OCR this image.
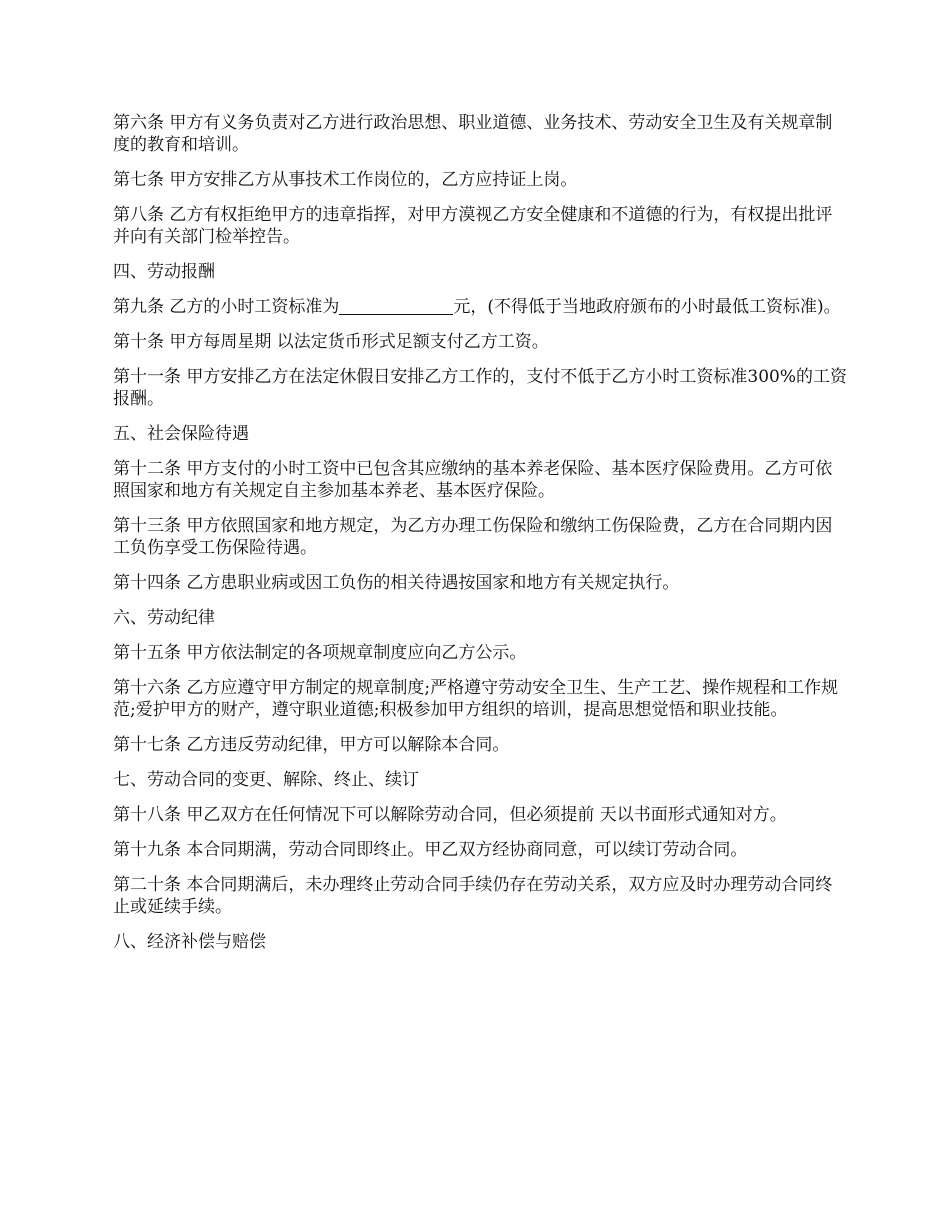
第六条 甲方有义务负责对乙方进行政治思想、职业道德、业务技术、劳动安全卫生及有关规章制度的教育和培训。

第七条 甲方安排乙方从事技术工作岗位的，乙方应持证上岗。

第八条 乙方有权拒绝甲方的违章指挥，对甲方漠视乙方安全健康和不道德的行为，有权提出批评并向有关部门检举控告。

四、劳动报酬

第九条 乙方的小时工资标准为	元，(不得低于当地政府颁布的小时最低工资标准)。

第十条 甲方每周星期 以法定货币形式足额支付乙方工资。

第十一条 甲方安排乙方在法定休假日安排乙方工作的，支付不低于乙方小时工资标准300%的工资报酬。

五、社会保险待遇

第十二条 甲方支付的小时工资中已包含其应缴纳的基本养老保险、基本医疗保险费用。乙方可依照国家和地方有关规定自主参加基本养老、基本医疗保险。

第十三条 甲方依照国家和地方规定，为乙方办理工伤保险和缴纳工伤保险费，乙方在合同期内因工负伤享受工伤保险待遇。

第十四条 乙方患职业病或因工负伤的相关待遇按国家和地方有关规定执行。

六、劳动纪律

第十五条 甲方依法制定的各项规章制度应向乙方公示。

第十六条 乙方应遵守甲方制定的规章制度;严格遵守劳动安全卫生、生产工艺、操作规程和工作规范;爱护甲方的财产，遵守职业道德;积极参加甲方组织的培训，提高思想觉悟和职业技能。

第十七条 乙方违反劳动纪律，甲方可以解除本合同。

七、劳动合同的变更、解除、终止、续订

第十八条 甲乙双方在任何情况下可以解除劳动合同，但必须提前 天以书面形式通知对方。

第十九条 本合同期满，劳动合同即终止。甲乙双方经协商同意，可以续订劳动合同。

第二十条 本合同期满后，未办理终止劳动合同手续仍存在劳动关系，双方应及时办理劳动合同终止或延续手续。

八、经济补偿与赔偿
